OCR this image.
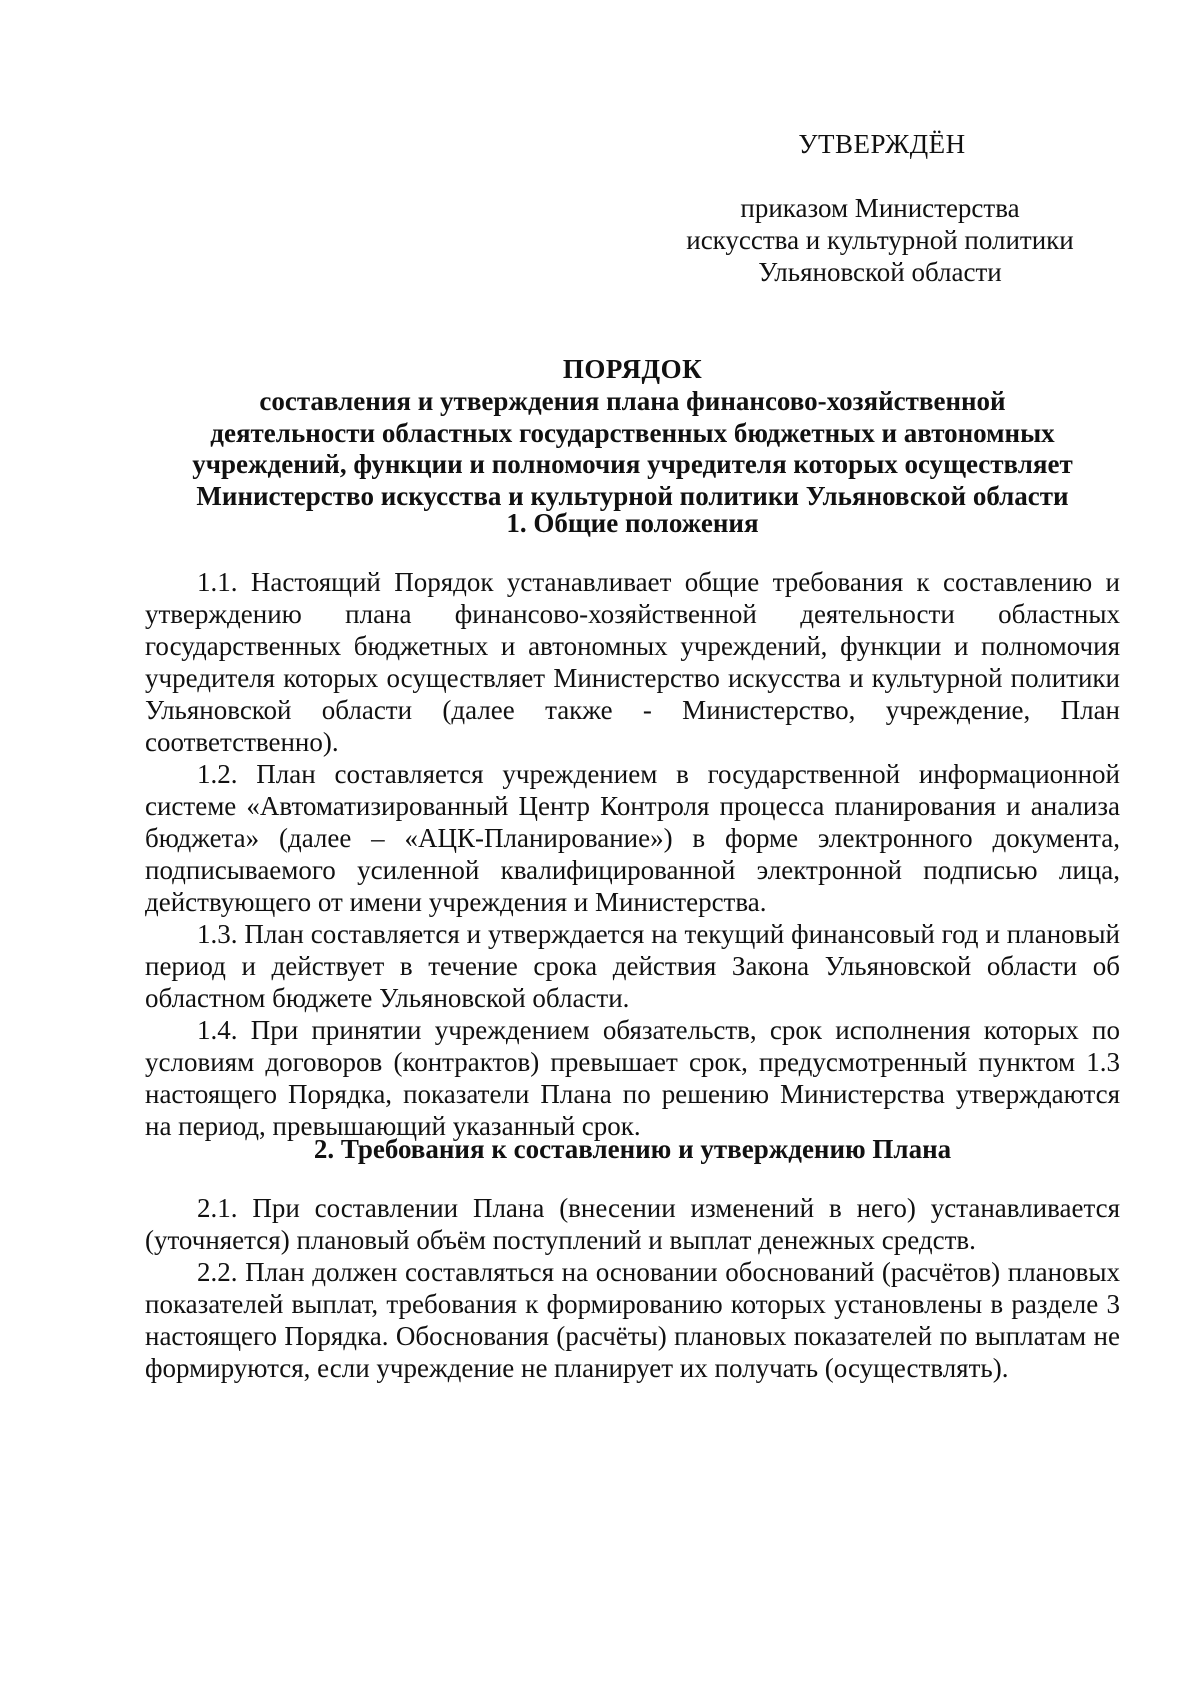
УТВЕРЖДЁН

приказом Министерства

искусства и культурной политики

Ульяновской области

ПОРЯДОК

составления и утверждения плана финансово-хозяйственной

деятельности областных государственных бюджетных и автономных

учреждений, функции и полномочия учредителя которых осуществляет

Министерство искусства и культурной политики Ульяновской области

1. Общие положения

1.1. Настоящий Порядок устанавливает общие требования к составлению и утверждению плана финансово-хозяйственной деятельности областных государственных бюджетных и автономных учреждений, функции и полномочия учредителя которых осуществляет Министерство искусства и культурной политики Ульяновской области (далее также - Министерство, учреждение, План соответственно).

1.2. План составляется учреждением в государственной информационной системе «Автоматизированный Центр Контроля процесса планирования и анализа бюджета» (далее – «АЦК-Планирование») в форме электронного документа, подписываемого усиленной квалифицированной электронной подписью лица, действующего от имени учреждения и Министерства.

1.3. План составляется и утверждается на текущий финансовый год и плановый период и действует в течение срока действия Закона Ульяновской области об областном бюджете Ульяновской области.

1.4. При принятии учреждением обязательств, срок исполнения которых по условиям договоров (контрактов) превышает срок, предусмотренный пунктом 1.3 настоящего Порядка, показатели Плана по решению Министерства утверждаются на период, превышающий указанный срок.

2. Требования к составлению и утверждению Плана

2.1. При составлении Плана (внесении изменений в него) устанавливается (уточняется) плановый объём поступлений и выплат денежных средств.

2.2. План должен составляться на основании обоснований (расчётов) плановых показателей выплат, требования к формированию которых установлены в разделе 3 настоящего Порядка. Обоснования (расчёты) плановых показателей по выплатам не формируются, если учреждение не планирует их получать (осуществлять).
